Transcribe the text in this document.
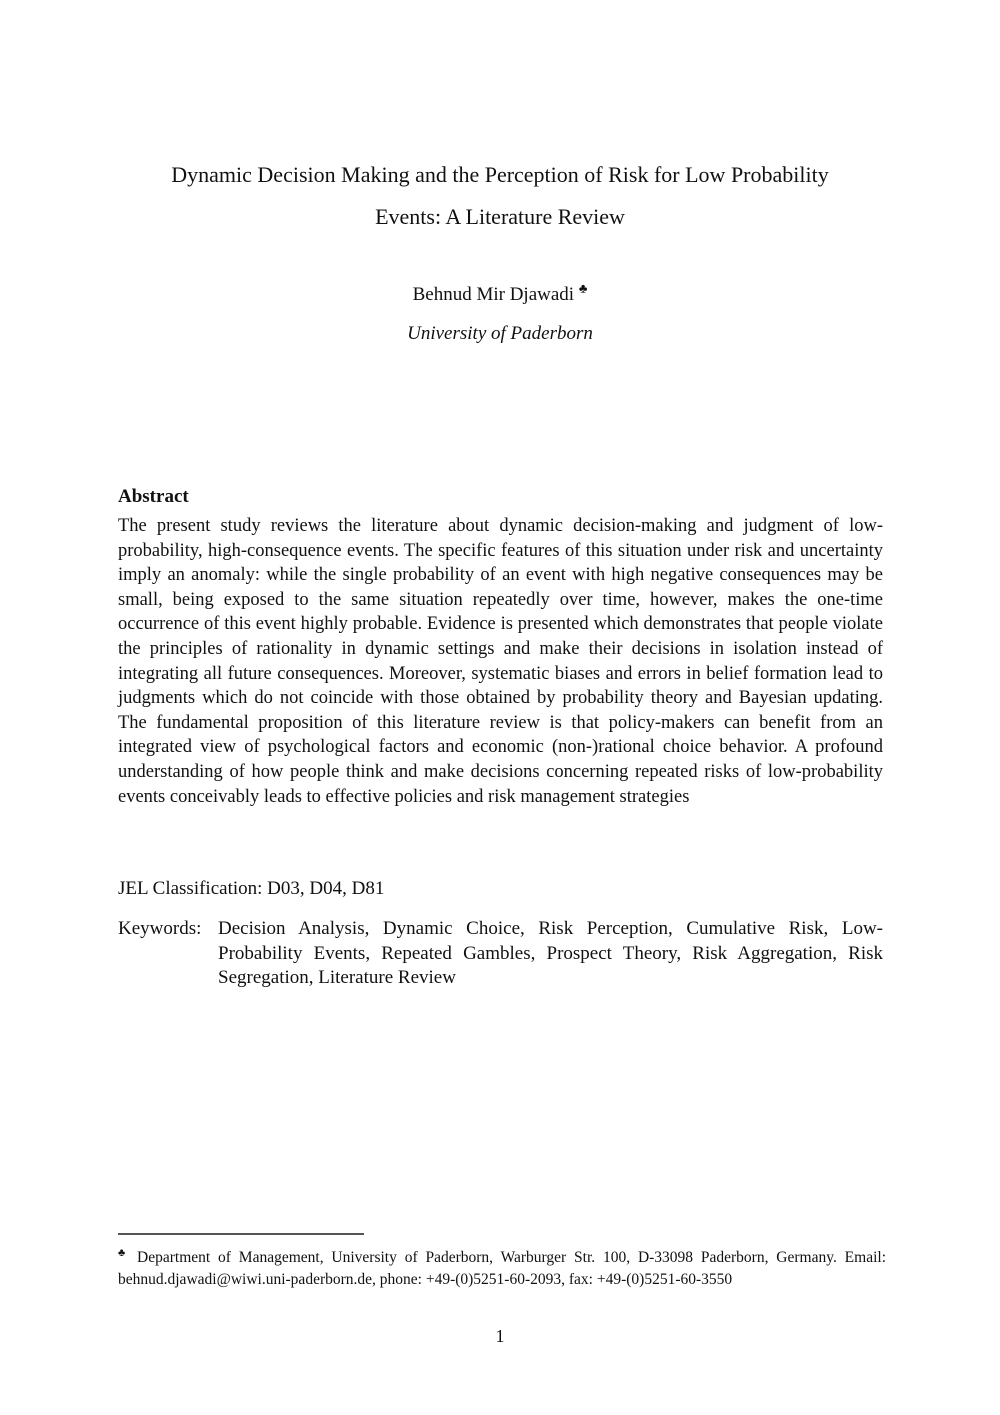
Dynamic Decision Making and the Perception of Risk for Low Probability
Events: A Literature Review
Behnud Mir Djawadi ♣
University of Paderborn
Abstract

The present study reviews the literature about dynamic decision-making and judgment of low-probability, high-consequence events. The specific features of this situation under risk and uncertainty imply an anomaly: while the single probability of an event with high negative consequences may be small, being exposed to the same situation repeatedly over time, however, makes the one-time occurrence of this event highly probable. Evidence is presented which demonstrates that people violate the principles of rationality in dynamic settings and make their decisions in isolation instead of integrating all future consequences. Moreover, systematic biases and errors in belief formation lead to judgments which do not coincide with those obtained by probability theory and Bayesian updating. The fundamental proposition of this literature review is that policy-makers can benefit from an integrated view of psychological factors and economic (non-)rational choice behavior. A profound understanding of how people think and make decisions concerning repeated risks of low-probability events conceivably leads to effective policies and risk management strategies

JEL Classification: D03, D04, D81
Keywords: Decision Analysis, Dynamic Choice, Risk Perception, Cumulative Risk, Low-Probability Events, Repeated Gambles, Prospect Theory, Risk Aggregation, Risk Segregation, Literature Review

♣ Department of Management, University of Paderborn, Warburger Str. 100, D-33098 Paderborn, Germany. Email: behnud.djawadi@wiwi.uni-paderborn.de, phone: +49-(0)5251-60-2093, fax: +49-(0)5251-60-3550

1
